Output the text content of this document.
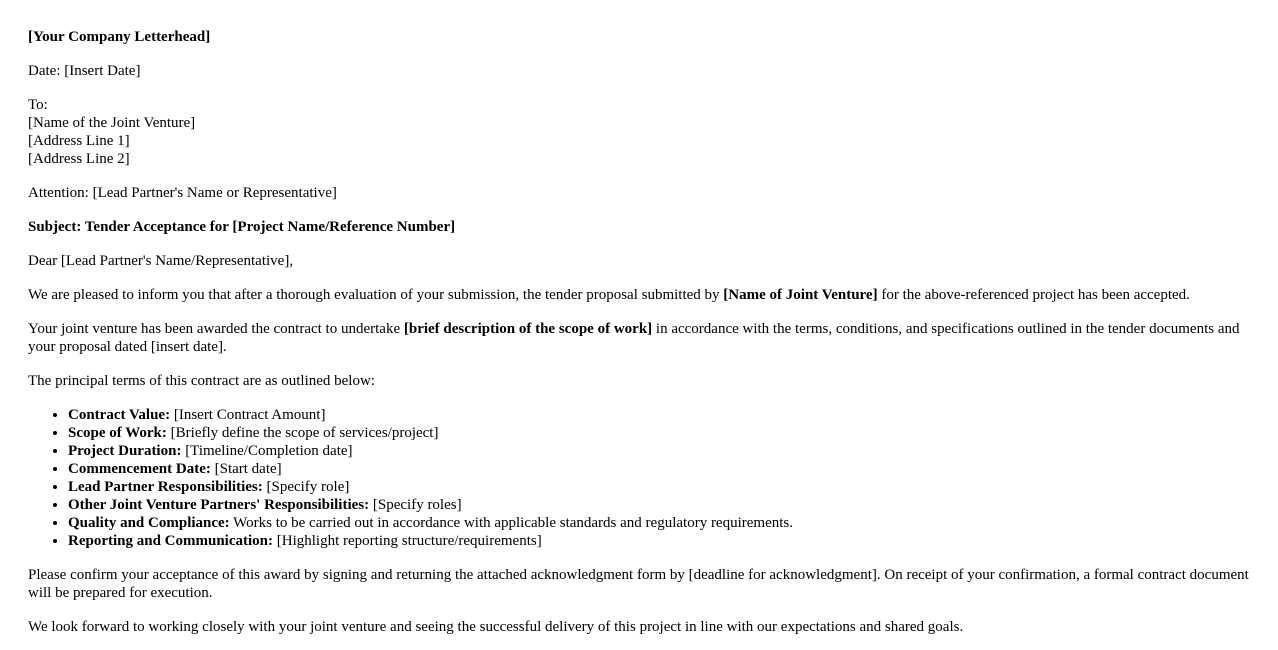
[Your Company Letterhead]

Date: [Insert Date]

To:

[Name of the Joint Venture]

[Address Line 1]

[Address Line 2]

Attention: [Lead Partner's Name or Representative]

Subject: Tender Acceptance for [Project Name/Reference Number]

Dear [Lead Partner's Name/Representative],

We are pleased to inform you that after a thorough evaluation of your submission, the tender proposal submitted by [Name of Joint Venture] for the above-referenced project has been accepted.

Your joint venture has been awarded the contract to undertake [brief description of the scope of work] in accordance with the terms, conditions, and specifications outlined in the tender documents and your proposal dated [insert date].

The principal terms of this contract are as outlined below:

• Contract Value: [Insert Contract Amount]
• Scope of Work: [Briefly define the scope of services/project]
• Project Duration: [Timeline/Completion date]
• Commencement Date: [Start date]
• Lead Partner Responsibilities: [Specify role]
• Other Joint Venture Partners' Responsibilities: [Specify roles]
• Quality and Compliance: Works to be carried out in accordance with applicable standards and regulatory requirements.
• Reporting and Communication: [Highlight reporting structure/requirements]

Please confirm your acceptance of this award by signing and returning the attached acknowledgment form by [deadline for acknowledgment]. On receipt of your confirmation, a formal contract document will be prepared for execution.

We look forward to working closely with your joint venture and seeing the successful delivery of this project in line with our expectations and shared goals.
